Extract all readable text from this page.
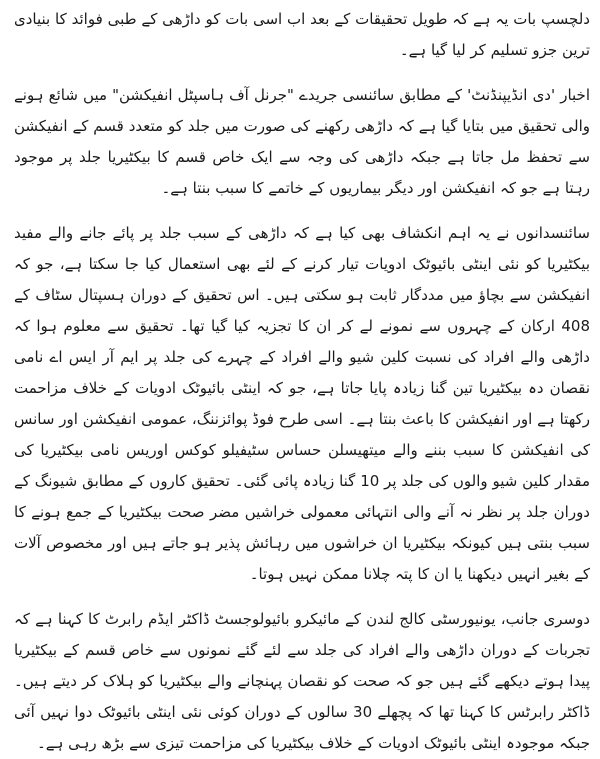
دلچسپ بات یہ ہے کہ طویل تحقیقات کے بعد اب اسی بات کو داڑھی کے طبی فوائد کا بنیادی ترین جزو تسلیم کر لیا گیا ہے۔

اخبار 'دی انڈیپنڈنٹ' کے مطابق سائنسی جریدے "جرنل آف ہاسپٹل انفیکشن" میں شائع ہونے والی تحقیق میں بتایا گیا ہے کہ داڑھی رکھنے کی صورت میں جلد کو متعدد قسم کے انفیکشن سے تحفظ مل جاتا ہے جبکہ داڑھی کی وجہ سے ایک خاص قسم کا بیکٹیریا جلد پر موجود رہتا ہے جو کہ انفیکشن اور دیگر بیماریوں کے خاتمے کا سبب بنتا ہے۔

سائنسدانوں نے یہ اہم انکشاف بھی کیا ہے کہ داڑھی کے سبب جلد پر پائے جانے والے مفید بیکٹیریا کو نئی اینٹی بائیوٹک ادویات تیار کرنے کے لئے بھی استعمال کیا جا سکتا ہے، جو کہ انفیکشن سے بچاؤ میں مددگار ثابت ہو سکتی ہیں۔ اس تحقیق کے دوران ہسپتال سٹاف کے 408 ارکان کے چہروں سے نمونے لے کر ان کا تجزیہ کیا گیا تھا۔ تحقیق سے معلوم ہوا کہ داڑھی والے افراد کی نسبت کلین شیو والے افراد کے چہرے کی جلد پر ایم آر ایس اے نامی نقصان دہ بیکٹیریا تین گنا زیادہ پایا جاتا ہے، جو کہ اینٹی بائیوٹک ادویات کے خلاف مزاحمت رکھتا ہے اور انفیکشن کا باعث بنتا ہے۔ اسی طرح فوڈ پوائزننگ، عمومی انفیکشن اور سانس کی انفیکشن کا سبب بننے والے میتھیسلن حساس سٹیفیلو کوکس اوریس نامی بیکٹیریا کی مقدار کلین شیو والوں کی جلد پر 10 گنا زیادہ پائی گئی۔ تحقیق کاروں کے مطابق شیونگ کے دوران جلد پر نظر نہ آنے والی انتہائی معمولی خراشیں مضر صحت بیکٹیریا کے جمع ہونے کا سبب بنتی ہیں کیونکہ بیکٹیریا ان خراشوں میں رہائش پذیر ہو جاتے ہیں اور مخصوص آلات کے بغیر انہیں دیکھنا یا ان کا پتہ چلانا ممکن نہیں ہوتا۔

دوسری جانب، یونیورسٹی کالج لندن کے مائیکرو بائیولوجسٹ ڈاکٹر ایڈم رابرٹ کا کہنا ہے کہ تجربات کے دوران داڑھی والے افراد کی جلد سے لئے گئے نمونوں سے خاص قسم کے بیکٹیریا پیدا ہوتے دیکھے گئے ہیں جو کہ صحت کو نقصان پہنچانے والے بیکٹیریا کو ہلاک کر دیتے ہیں۔ ڈاکٹر رابرٹس کا کہنا تھا کہ پچھلے 30 سالوں کے دوران کوئی نئی اینٹی بائیوٹک دوا نہیں آئی جبکہ موجودہ اینٹی بائیوٹک ادویات کے خلاف بیکٹیریا کی مزاحمت تیزی سے بڑھ رہی ہے۔
